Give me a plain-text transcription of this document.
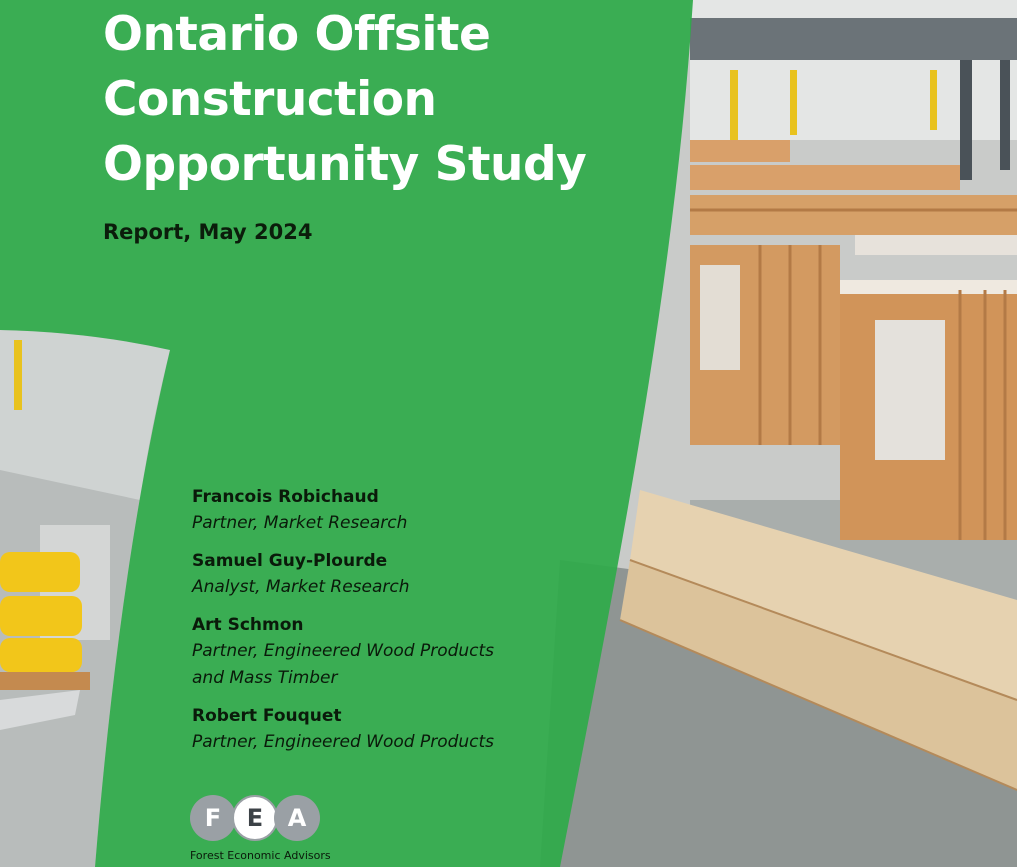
Ontario Offsite
Construction
Opportunity Study

Report, May 2024

Francois Robichaud
Partner, Market Research
Samuel Guy-Plourde
Analyst, Market Research
Art Schmon
Partner, Engineered Wood Products
and Mass Timber
Robert Fouquet
Partner, Engineered Wood Products
F	E	A
Forest Economic Advisors
